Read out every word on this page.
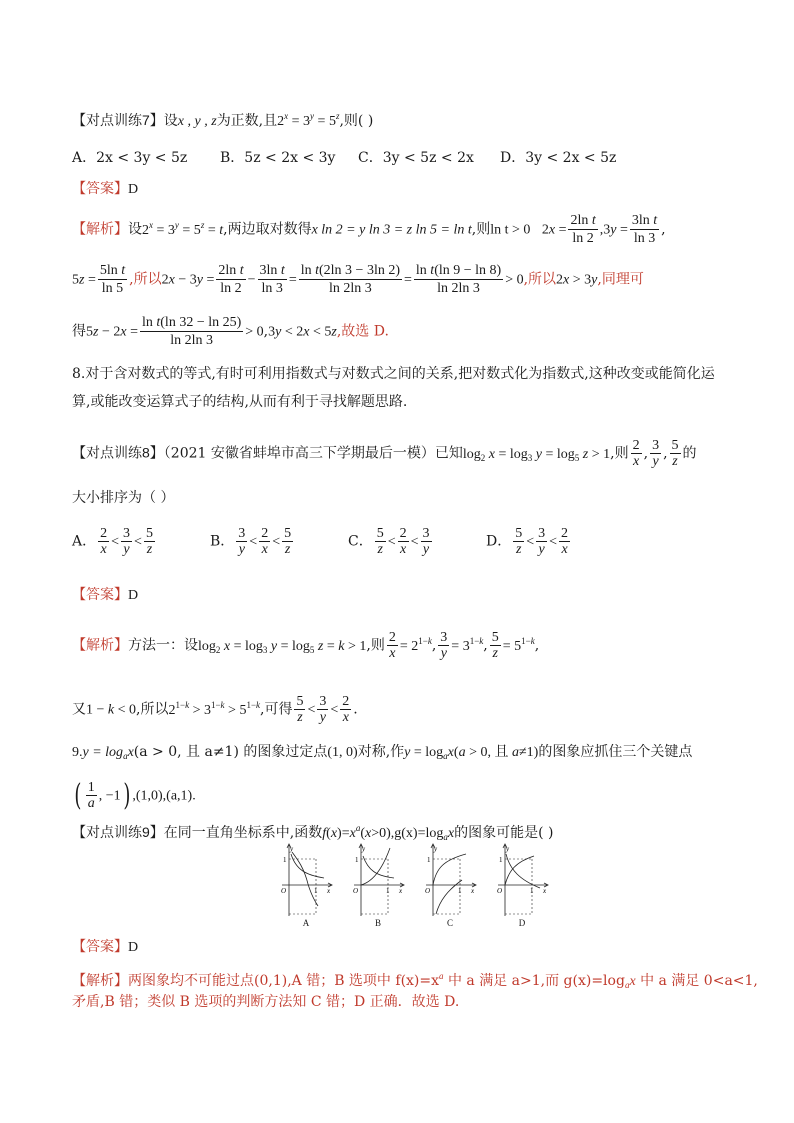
【对点训练7】设x , y , z为正数,且$2^x = 3^y = 5^z$,则( )
A．2x < 3y < 5z B．5z < 2x < 3y C．3y < 5z < 2x D．3y < 2x < 5z
【答案】D
【解析】设$2^x = 3^y = 5^z = t$,两边取对数得x ln 2 = y ln 3 = z ln 5 = ln t,则ln t > 0   $2x = \frac{\text{2ln t}}{\ln 2} ,3y = \frac{\text{3ln t}}{\ln 3}$ ,
$5z = \frac{\text{5ln t}}{\ln 5}$ ,所以$2x - 3y = \frac{\text{2ln t}}{\ln 2} - \frac{\text{3ln t}}{\ln 3} = \frac{\text{ln t(2ln 3 − 3ln 2)}}{\ln 2\ln 3} = \frac{\text{ln t(ln 9 − ln 8)}}{\ln 2\ln 3} > 0$,所以2x > 3y,同理可
得$5z - 2x = \frac{\text{ln t(ln 32 − ln 25)}}{\ln 2\ln 3} > 0,3y < 2x < 5z$,故选 D.
8.对于含对数式的等式,有时可利用指数式与对数式之间的关系,把对数式化为指数式,这种改变或能简化运
算,或能改变运算式子的结构,从而有利于寻找解题思路.
【对点训练8】（2021 安徽省蚌埠市高三下学期最后一模）已知$\log_2 x = \log_3 y = \log_5 z > 1$,则 $\frac{2}{x}$ , $\frac{3}{y}$ , $\frac{5}{z}$ 的
大小排序为（ ）
A． $\frac{2}{x} < \frac{3}{y} < \frac{5}{z}$	B． $\frac{3}{y} < \frac{2}{x} < \frac{5}{z}$	C． $\frac{5}{z} < \frac{2}{x} < \frac{3}{y}$	D． $\frac{5}{z} < \frac{3}{y} < \frac{2}{x}$
【答案】D
【解析】方法一：设$\log_2 x = \log_3 y = \log_5 z = k > 1$,则 $\frac{2}{x} = 2^{1-k}$, $\frac{3}{y} = 3^{1-k}$, $\frac{5}{z} = 5^{1-k}$,
又1 − k < 0,所以$2^{1-k} > 3^{1-k} > 5^{1-k}$,可得 $\frac{5}{z} < \frac{3}{y} < \frac{2}{x}$ .
$9.y = \log_ax(a > 0$, 且 a≠1) 的图象过定点(1, 0)对称,作$y = \log_ax(a > 0$, 且 a≠1)的图象应抓住三个关键点
( $\frac{1}{a}$ , −1) ,(1,0),(a,1).
【对点训练9】在同一直角坐标系中,函数$f(x)=x^a(x>0),g(x)=\log_ax$的图象可能是( )
y
x
O
1
1
A
y
x
O
1
1
B
y
x
O
1
1
C
y
x
O
1
1
D
【答案】D
【解析】两图象均不可能过点(0,1),A 错；B 选项中 $f(x)=x^a$ 中 a 满足 a>1,而 $g(x)=\log_ax$ 中 a 满足 0<a<1,
矛盾,B 错；类似 B 选项的判断方法知 C 错；D 正确．故选 D.
